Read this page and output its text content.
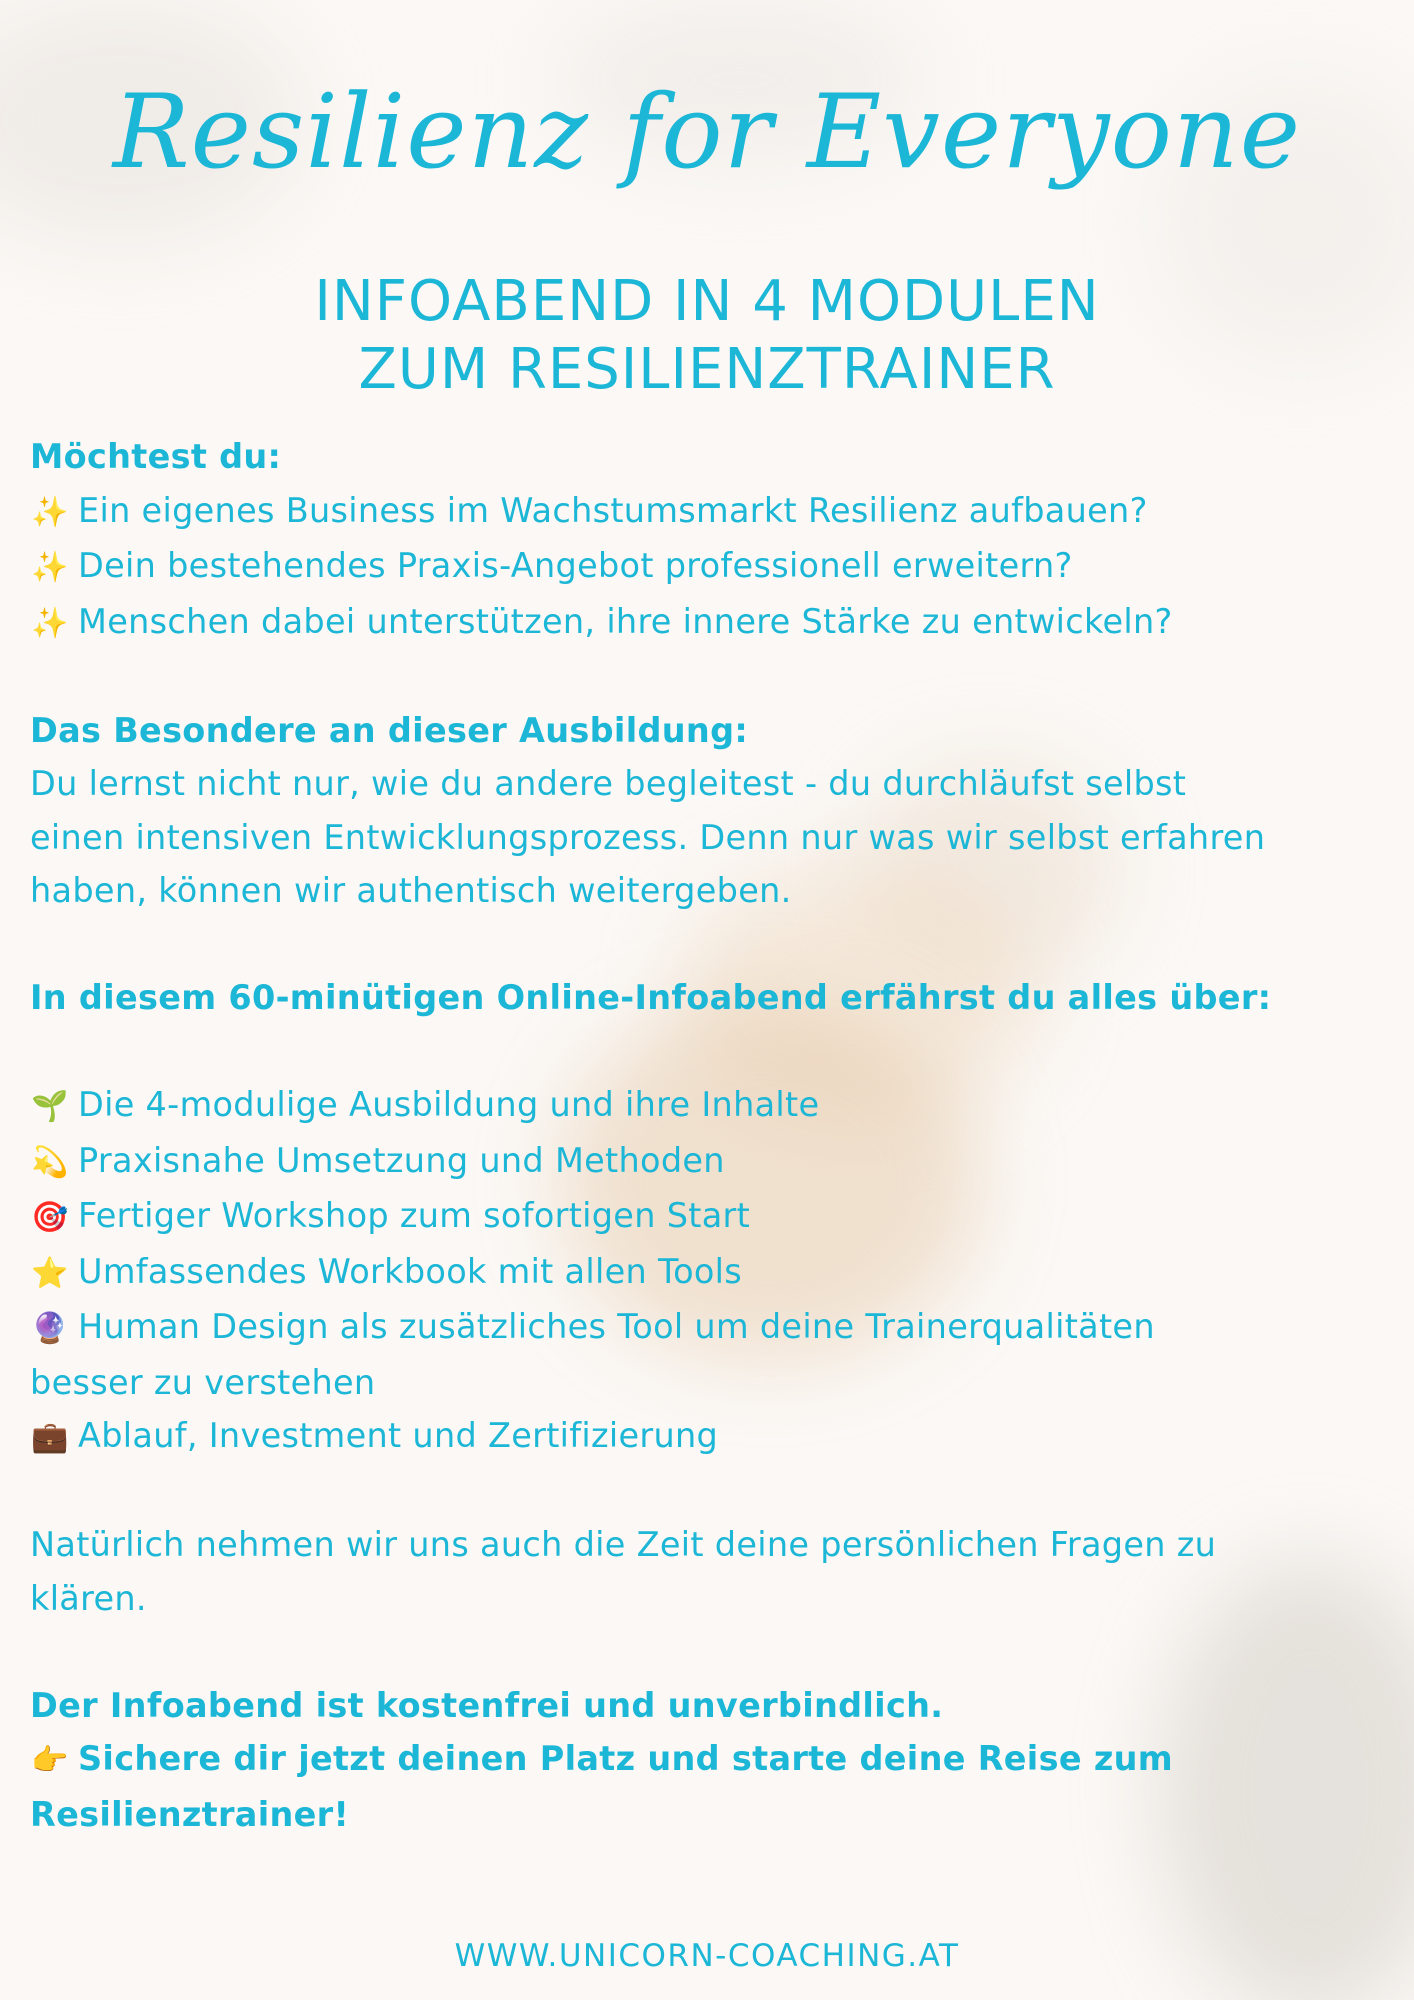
Resilienz for Everyone
INFOABEND IN 4 MODULEN
ZUM RESILIENZTRAINER
Möchtest du:
✨ Ein eigenes Business im Wachstumsmarkt Resilienz aufbauen?
✨ Dein bestehendes Praxis-Angebot professionell erweitern?
✨ Menschen dabei unterstützen, ihre innere Stärke zu entwickeln?
Das Besondere an dieser Ausbildung:
Du lernst nicht nur, wie du andere begleitest - du durchläufst selbst
einen intensiven Entwicklungsprozess. Denn nur was wir selbst erfahren
haben, können wir authentisch weitergeben.
In diesem 60-minütigen Online-Infoabend erfährst du alles über:
🌱 Die 4-modulige Ausbildung und ihre Inhalte
💫 Praxisnahe Umsetzung und Methoden
🎯 Fertiger Workshop zum sofortigen Start
⭐ Umfassendes Workbook mit allen Tools
🔮 Human Design als zusätzliches Tool um deine Trainerqualitäten
besser zu verstehen
💼 Ablauf, Investment und Zertifizierung
Natürlich nehmen wir uns auch die Zeit deine persönlichen Fragen zu
klären.
Der Infoabend ist kostenfrei und unverbindlich.
👉 Sichere dir jetzt deinen Platz und starte deine Reise zum
Resilienztrainer!
WWW.UNICORN-COACHING.AT
